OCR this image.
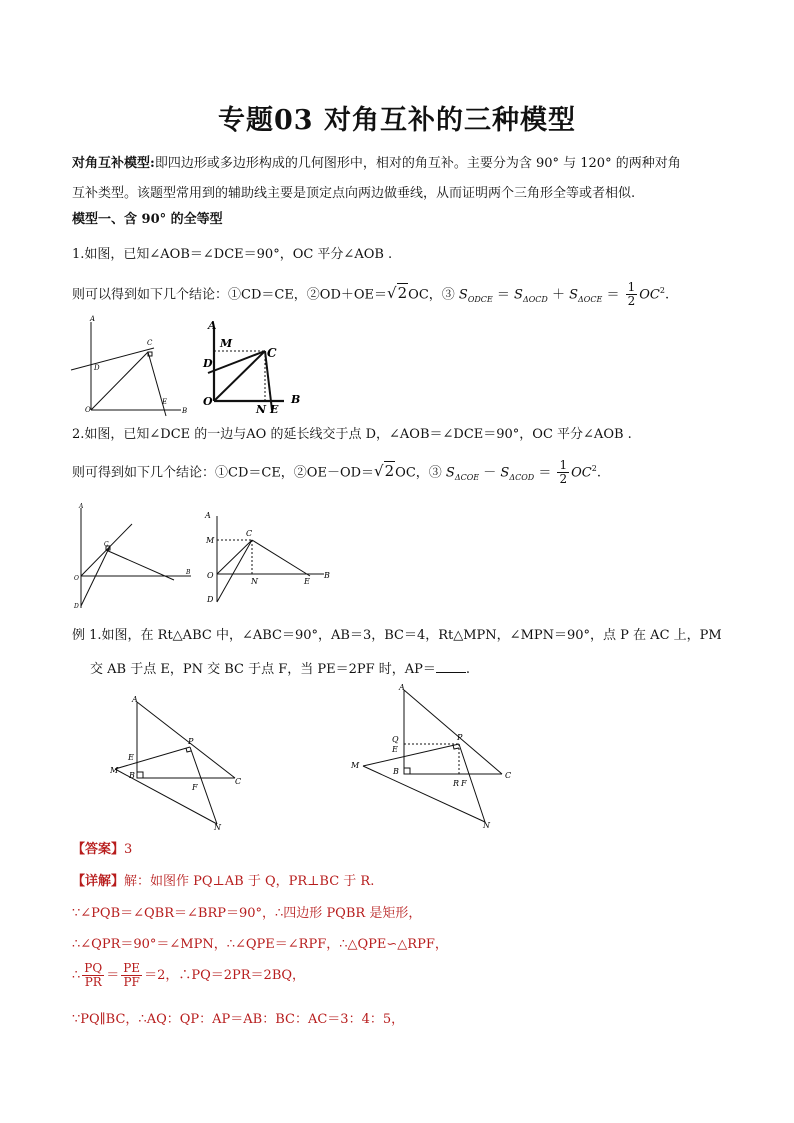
专题03 对角互补的三种模型
对角互补模型:即四边形或多边形构成的几何图形中，相对的角互补。主要分为含 90° 与 120° 的两种对角
互补类型。该题型常用到的辅助线主要是顶定点向两边做垂线，从而证明两个三角形全等或者相似.
模型一、含 90° 的全等型
1.如图，已知∠AOB＝∠DCE＝90°，OC 平分∠AOB .
则可以得到如下几个结论：①CD＝CE，②OD＋OE＝√2OC，③ $S_{ODCE} = S_{\Delta OCD} + S_{\Delta OCE} = \frac{1}{2} OC^2$.
A
C
D
O
E
B
A
M
D
C
O
N E
B
2.如图，已知∠DCE 的一边与AO 的延长线交于点 D，∠AOB＝∠DCE＝90°，OC 平分∠AOB .
则可得到如下几个结论：①CD＝CE，②OE－OD＝√2OC，③ $S_{\Delta COE} - S_{\Delta COD} = \frac{1}{2} OC^2$.
A
C
O
B
D
A
M
C
O
N	E
B
D
例 1.如图，在 Rt△ABC 中，∠ABC＝90°，AB＝3，BC＝4，Rt△MPN，∠MPN＝90°，点 P 在 AC 上，PM
交 AB 于点 E，PN 交 BC 于点 F，当 PE＝2PF 时，AP＝ .
A
E
P
M
B
F
C
N
A
Q
E
P
M
B
R F
C
N
【答案】3
【详解】解：如图作 PQ⊥AB 于 Q，PR⊥BC 于 R.
∵∠PQB＝∠QBR＝∠BRP＝90°，∴四边形 PQBR 是矩形，
∴∠QPR＝90°＝∠MPN，∴∠QPE＝∠RPF，∴△QPE∽△RPF，
∴ $\frac{PQ}{PR} = \frac{PE}{PF} =2$，∴PQ＝2PR＝2BQ，
∵PQ∥BC，∴AQ：QP：AP＝AB：BC：AC＝3：4：5，
